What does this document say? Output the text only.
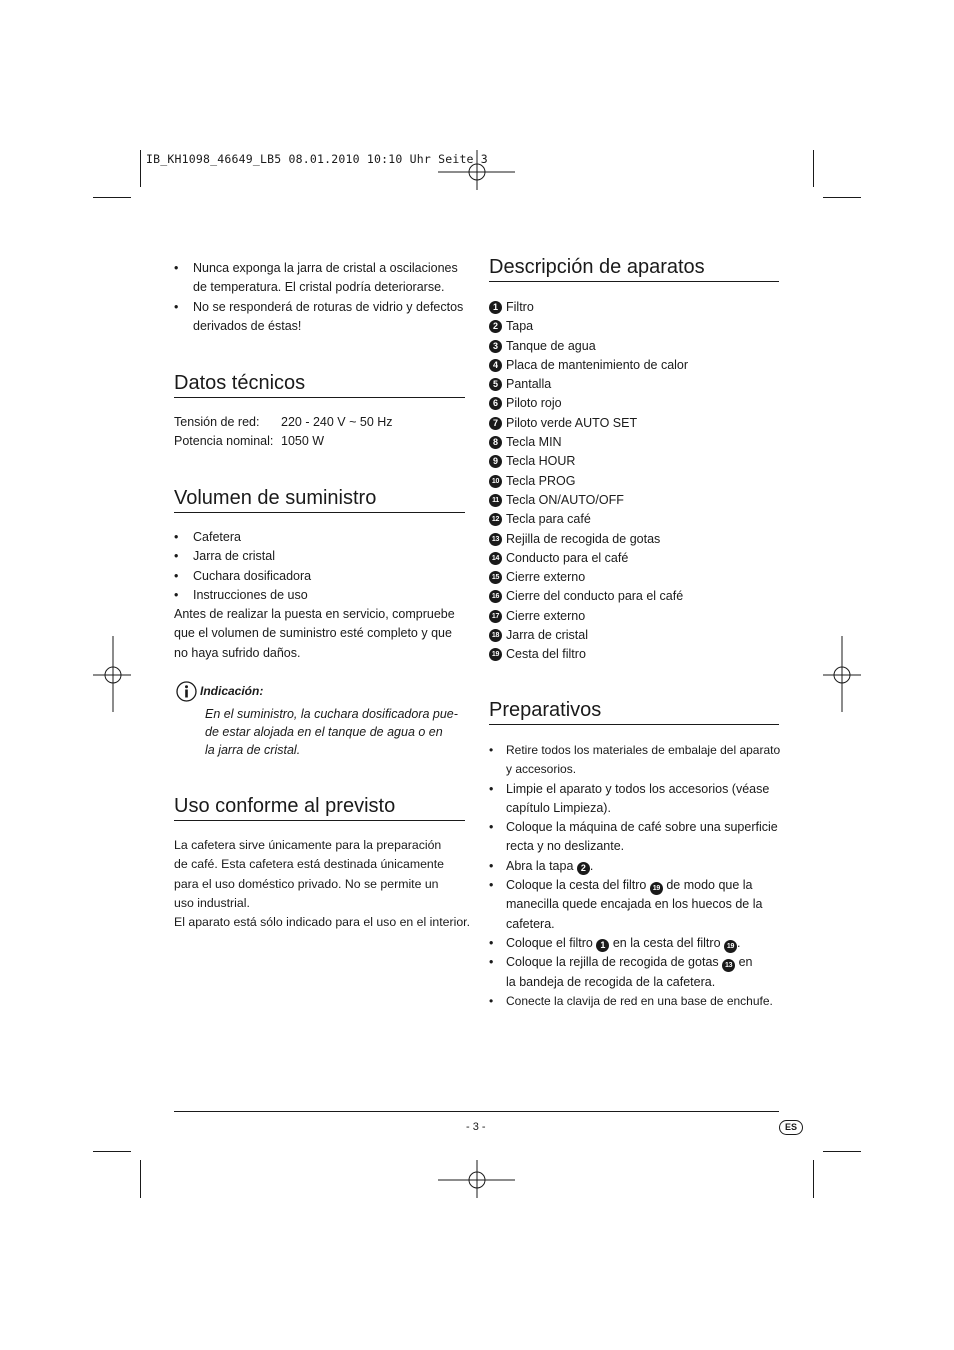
IB_KH1098_46649_LB5 08.01.2010 10:10 Uhr Seite 3
• Nunca exponga la jarra de cristal a oscilaciones
de temperatura. El cristal podría deteriorarse.
• No se responderá de roturas de vidrio y defectos
derivados de éstas!
Datos técnicos
Tensión de red: 220 - 240 V ~ 50 Hz
Potencia nominal: 1050 W
Volumen de suministro
• Cafetera
• Jarra de cristal
• Cuchara dosificadora
• Instrucciones de uso
Antes de realizar la puesta en servicio, compruebe
que el volumen de suministro esté completo y que
no haya sufrido daños.
Indicación:
En el suministro, la cuchara dosificadora pue-
de estar alojada en el tanque de agua o en
la jarra de cristal.
Uso conforme al previsto
La cafetera sirve únicamente para la preparación
de café. Esta cafetera está destinada únicamente
para el uso doméstico privado. No se permite un
uso industrial.
El aparato está sólo indicado para el uso en el interior.
Descripción de aparatos
1 Filtro
2 Tapa
3 Tanque de agua
4 Placa de mantenimiento de calor
5 Pantalla
6 Piloto rojo
7 Piloto verde AUTO SET
8 Tecla MIN
9 Tecla HOUR
10 Tecla PROG
11 Tecla ON/AUTO/OFF
12 Tecla para café
13 Rejilla de recogida de gotas
14 Conducto para el café
15 Cierre externo
16 Cierre del conducto para el café
17 Cierre externo
18 Jarra de cristal
19 Cesta del filtro
Preparativos
• Retire todos los materiales de embalaje del aparato
y accesorios.
• Limpie el aparato y todos los accesorios (véase
capítulo Limpieza).
• Coloque la máquina de café sobre una superficie
recta y no deslizante.
• Abra la tapa 2 .
• Coloque la cesta del filtro 19 de modo que la
manecilla quede encajada en los huecos de la
cafetera.
• Coloque el filtro 1 en la cesta del filtro 19 .
• Coloque la rejilla de recogida de gotas 13 en
la bandeja de recogida de la cafetera.
• Conecte la clavija de red en una base de enchufe.
- 3 -	ES
